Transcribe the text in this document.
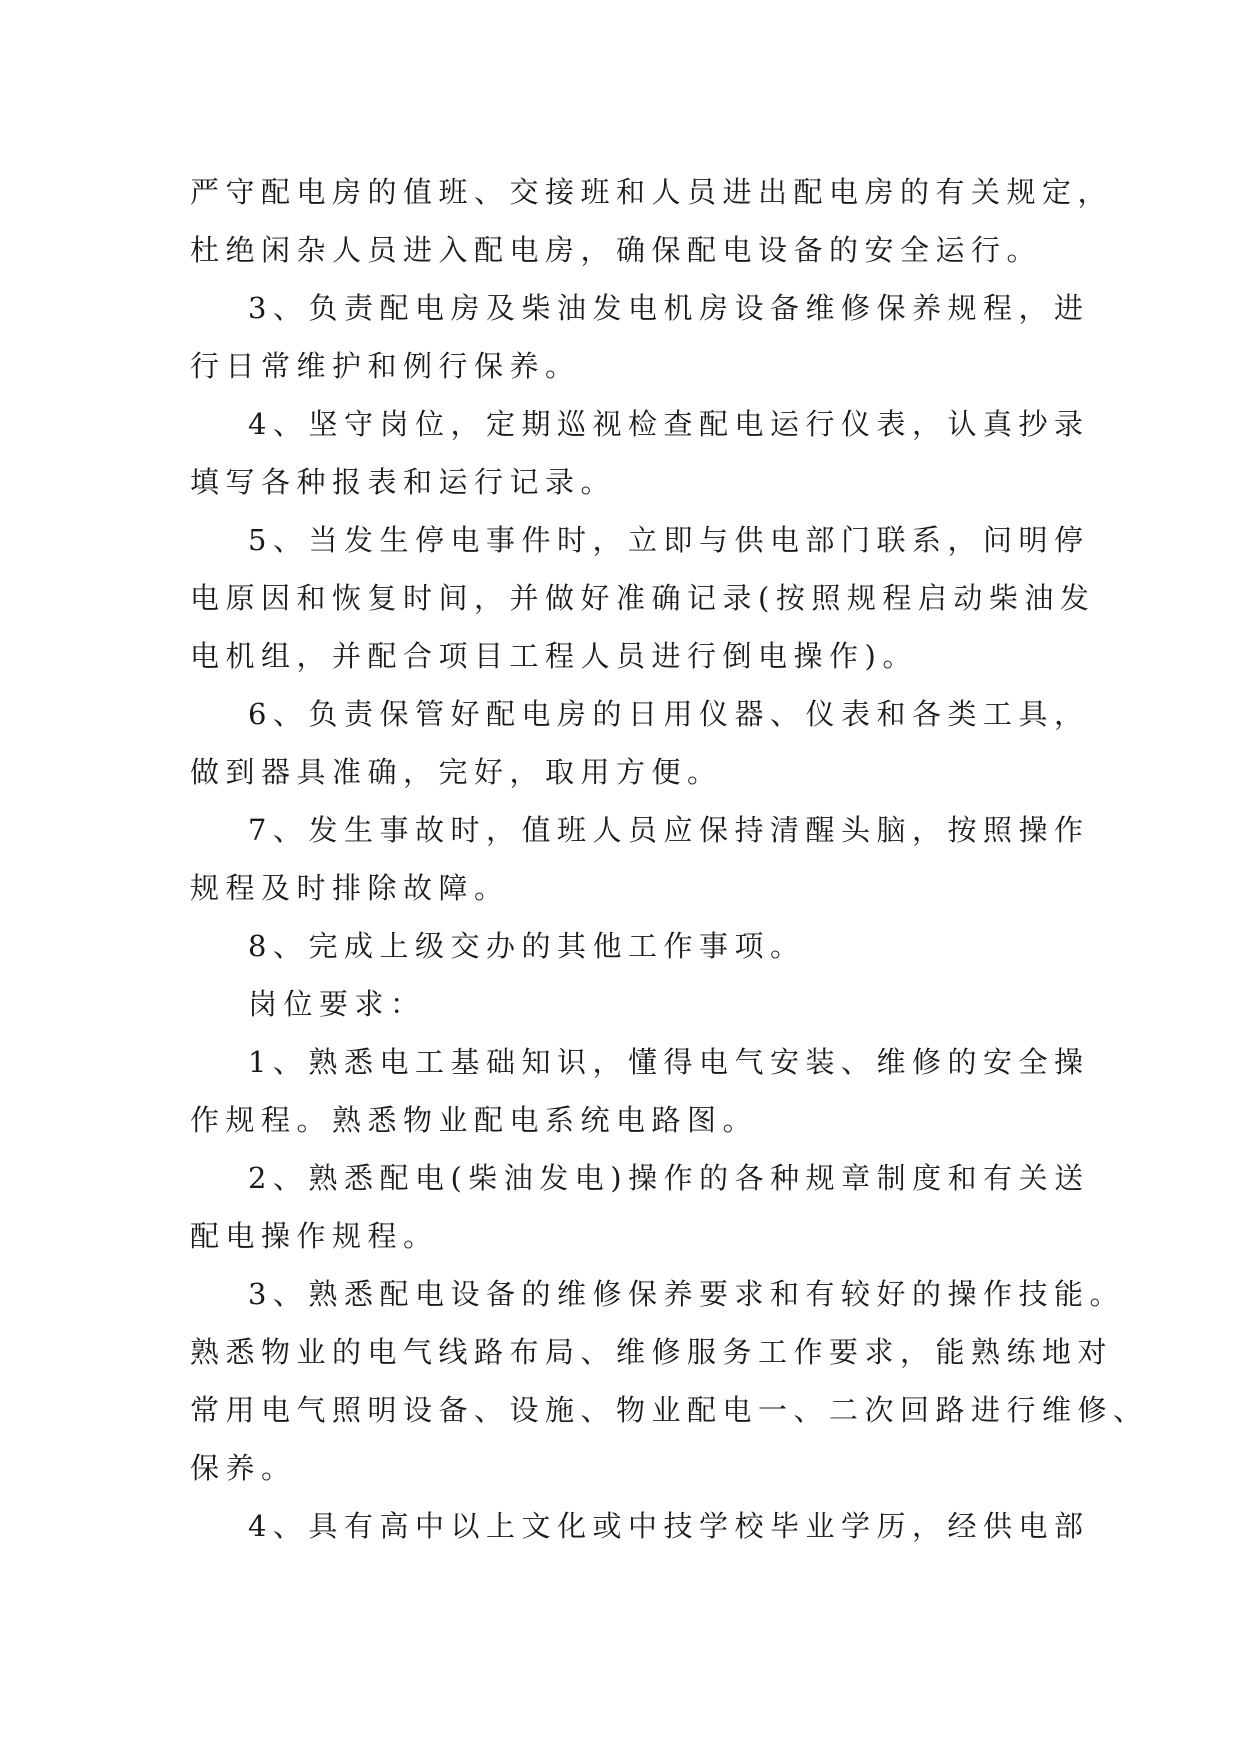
严守配电房的值班、交接班和人员进出配电房的有关规定，
杜绝闲杂人员进入配电房，确保配电设备的安全运行。

3、负责配电房及柴油发电机房设备维修保养规程，进
行日常维护和例行保养。

4、坚守岗位，定期巡视检查配电运行仪表，认真抄录
填写各种报表和运行记录。

5、当发生停电事件时，立即与供电部门联系，问明停
电原因和恢复时间，并做好准确记录(按照规程启动柴油发
电机组，并配合项目工程人员进行倒电操作)。

6、负责保管好配电房的日用仪器、仪表和各类工具，
做到器具准确，完好，取用方便。

7、发生事故时，值班人员应保持清醒头脑，按照操作
规程及时排除故障。

8、完成上级交办的其他工作事项。

岗位要求：

1、熟悉电工基础知识，懂得电气安装、维修的安全操
作规程。熟悉物业配电系统电路图。

2、熟悉配电(柴油发电)操作的各种规章制度和有关送
配电操作规程。

3、熟悉配电设备的维修保养要求和有较好的操作技能。
熟悉物业的电气线路布局、维修服务工作要求，能熟练地对
常用电气照明设备、设施、物业配电一、二次回路进行维修、
保养。

4、具有高中以上文化或中技学校毕业学历，经供电部
